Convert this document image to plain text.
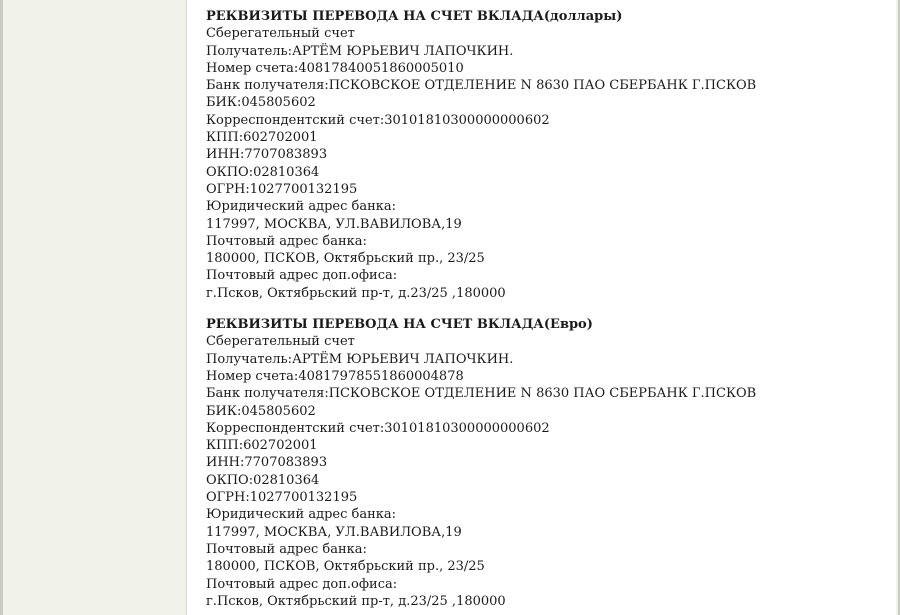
РЕКВИЗИТЫ ПЕРЕВОДА НА СЧЕТ ВКЛАДА(доллары)

Сберегательный счет

Получатель:АРТЁМ ЮРЬЕВИЧ ЛАПОЧКИН.

Номер счета:40817840051860005010

Банк получателя:ПСКОВСКОЕ ОТДЕЛЕНИЕ N 8630 ПАО СБЕРБАНК Г.ПСКОВ

БИК:045805602

Корреспондентский счет:30101810300000000602

КПП:602702001

ИНН:7707083893

ОКПО:02810364

ОГРН:1027700132195

Юридический адрес банка:

117997, МОСКВА, УЛ.ВАВИЛОВА,19

Почтовый адрес банка:

180000, ПСКОВ, Октябрьский пр., 23/25

Почтовый адрес доп.офиса:

г.Псков, Октябрьский пр-т, д.23/25 ,180000

РЕКВИЗИТЫ ПЕРЕВОДА НА СЧЕТ ВКЛАДА(Евро)

Сберегательный счет

Получатель:АРТЁМ ЮРЬЕВИЧ ЛАПОЧКИН.

Номер счета:40817978551860004878

Банк получателя:ПСКОВСКОЕ ОТДЕЛЕНИЕ N 8630 ПАО СБЕРБАНК Г.ПСКОВ

БИК:045805602

Корреспондентский счет:30101810300000000602

КПП:602702001

ИНН:7707083893

ОКПО:02810364

ОГРН:1027700132195

Юридический адрес банка:

117997, МОСКВА, УЛ.ВАВИЛОВА,19

Почтовый адрес банка:

180000, ПСКОВ, Октябрьский пр., 23/25

Почтовый адрес доп.офиса:

г.Псков, Октябрьский пр-т, д.23/25 ,180000
